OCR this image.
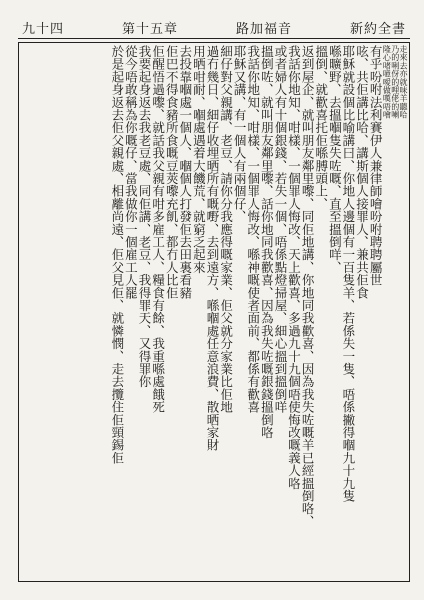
新約全書
路加福音
第十五章
九十四
走來去亦就味羊聽哈
乃的唎伢的哩佬的喇
隆心啫噫嗳做嘆唔噲
有乎吩咐法利賽伊人兼律師噲吩咐聘聘屬世
呟、共佢講比哈、講斯個人接罪人、兼共佢食
耶穌就設個比喻講曰、你地人邊個有一百隻羊、若係失一隻、唔係撇得嗰九十九隻
喺曠野、去搵嗰隻失咗嘅、直至搵倒咩、
搵倒、就歡喜托佢喺膊頭上、
返到屋企、就叫朋友鄰里嚟、同佢地講、你地同我歡喜、因為我失咗嘅羊已經搵倒咯、
我話你地知、咁樣、一個罪人悔改、天上歡喜、多過九十九個唔使悔改嘅義人咯
或者婦人有十個銀錢、若失一個、唔係點燈掃屋、細心搵到搵倒咩
搵倒咗、就叫朋友鄰里嚟、話你地同我歡喜、因為我失咗嘅銀錢搵倒咯
我話你地知、咁樣、一個罪人悔改、喺神嘅使者面前、都係有歡喜
耶穌又講、有一個人有兩個仔、
細仔對父親講、老豆、請你分我應得嘅家業、佢父就分家業比佢地
過冇幾日、細仔收埋晒所有嘅嘢、去到遠方、喺嗰處任意浪費、散晒家財
用晒咁耐、嗰處遇着大饑荒、就窮乏起來
去投靠嗰處一個人、嗰個人打發佢去田裏看豬
佢巴不得食豬所食嘅豆莢嚟充飢、都冇人比佢
佢醒悟過嚟、就話我父親有咁多雇工人、糧食有餘、我重喺處餓死
我要起身返去我老豆處、同佢講、老豆、我得罪天、又得罪你
從今唔敢稱為你嘅仔、當我做你一個雇工人罷
於是起身返去佢父親處、相離尚遠、佢父見佢、就憐憫、走去攬住佢頸錫佢
